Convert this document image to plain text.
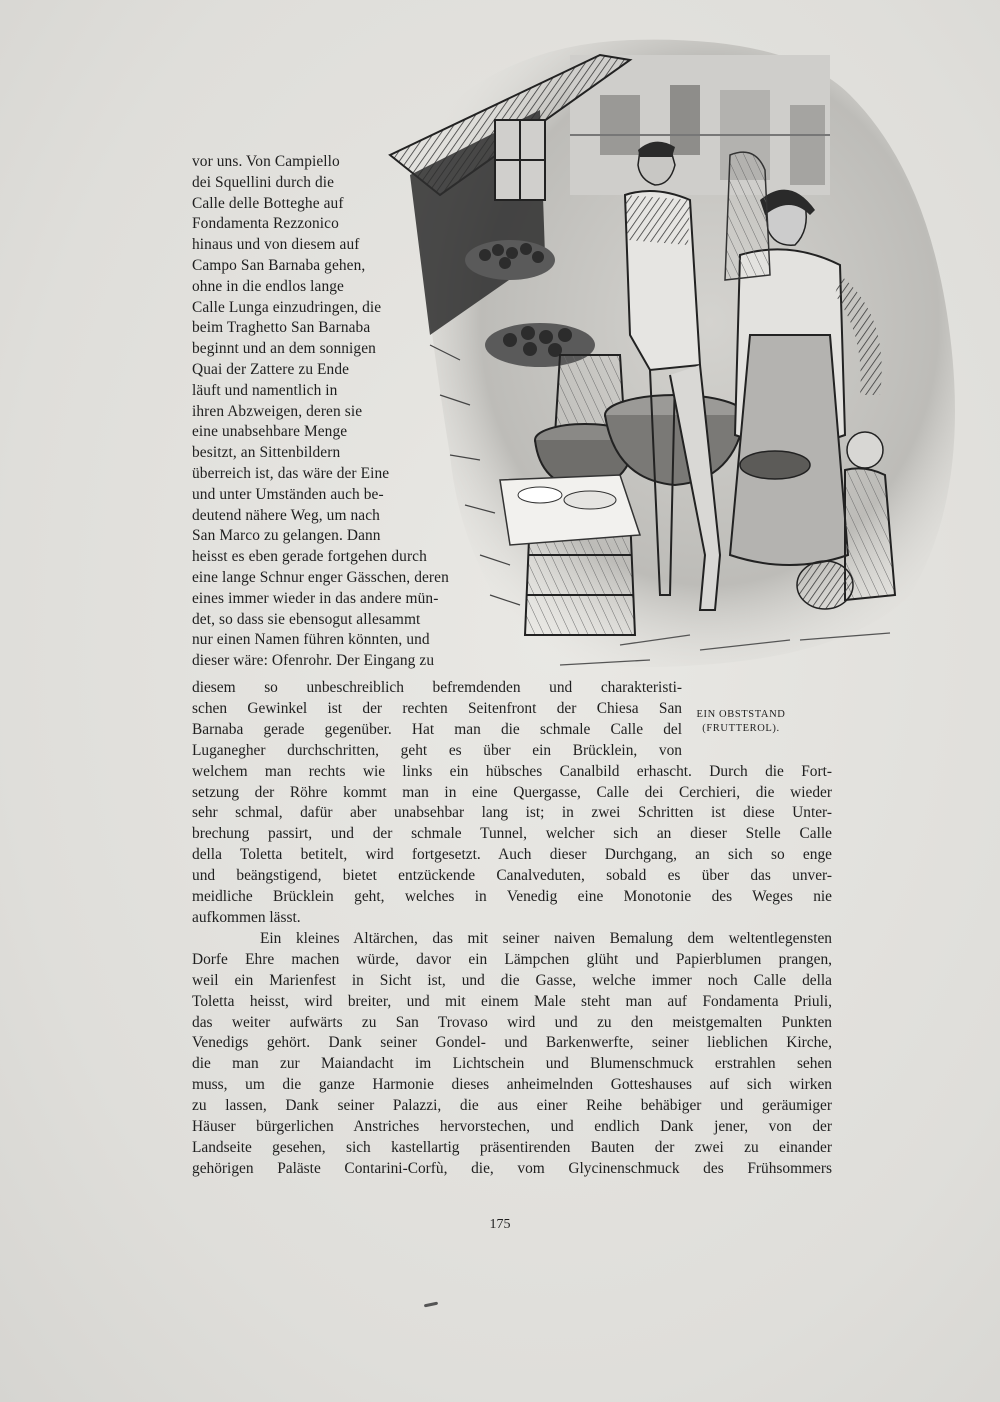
vor uns. Von Campiello
dei Squellini durch die
Calle delle Botteghe auf
Fondamenta Rezzonico
hinaus und von diesem auf
Campo San Barnaba gehen,
ohne in die endlos lange
Calle Lunga einzudringen, die
beim Traghetto San Barnaba
beginnt und an dem sonnigen
Quai der Zattere zu Ende
läuft und namentlich in
ihren Abzweigen, deren sie
eine unabsehbare Menge
besitzt, an Sittenbildern
überreich ist, das wäre der Eine
und unter Umständen auch be-
deutend nähere Weg, um nach
San Marco zu gelangen. Dann
heisst es eben gerade fortgehen durch
eine lange Schnur enger Gässchen, deren
eines immer wieder in das andere mün-
det, so dass sie ebensogut allesammt
nur einen Namen führen könnten, und
dieser wäre: Ofenrohr. Der Eingang zu
diesem so unbeschreiblich befremdenden und charakteristi-
schen Gewinkel ist der rechten Seitenfront der Chiesa San
Barnaba gerade gegenüber. Hat man die schmale Calle del
Luganegher durchschritten, geht es über ein Brücklein, von
welchem man rechts wie links ein hübsches Canalbild erhascht. Durch die Fort-
setzung der Röhre kommt man in eine Quergasse, Calle dei Cerchieri, die wieder
sehr schmal, dafür aber unabsehbar lang ist; in zwei Schritten ist diese Unter-
brechung passirt, und der schmale Tunnel, welcher sich an dieser Stelle Calle
della Toletta betitelt, wird fortgesetzt. Auch dieser Durchgang, an sich so enge
und beängstigend, bietet entzückende Canalveduten, sobald es über das unver-
meidliche Brücklein geht, welches in Venedig eine Monotonie des Weges nie
aufkommen lässt.
Ein kleines Altärchen, das mit seiner naiven Bemalung dem weltentlegensten
Dorfe Ehre machen würde, davor ein Lämpchen glüht und Papierblumen prangen,
weil ein Marienfest in Sicht ist, und die Gasse, welche immer noch Calle della
Toletta heisst, wird breiter, und mit einem Male steht man auf Fondamenta Priuli,
das weiter aufwärts zu San Trovaso wird und zu den meistgemalten Punkten
Venedigs gehört. Dank seiner Gondel- und Barkenwerfte, seiner lieblichen Kirche,
die man zur Maiandacht im Lichtschein und Blumenschmuck erstrahlen sehen
muss, um die ganze Harmonie dieses anheimelnden Gotteshauses auf sich wirken
zu lassen, Dank seiner Palazzi, die aus einer Reihe behäbiger und geräumiger
Häuser bürgerlichen Anstriches hervorstechen, und endlich Dank jener, von der
Landseite gesehen, sich kastellartig präsentirenden Bauten der zwei zu einander
gehörigen Paläste Contarini-Corfù, die, vom Glycinenschmuck des Frühsommers
EIN OBSTSTAND
(FRUTTEROL).
175
